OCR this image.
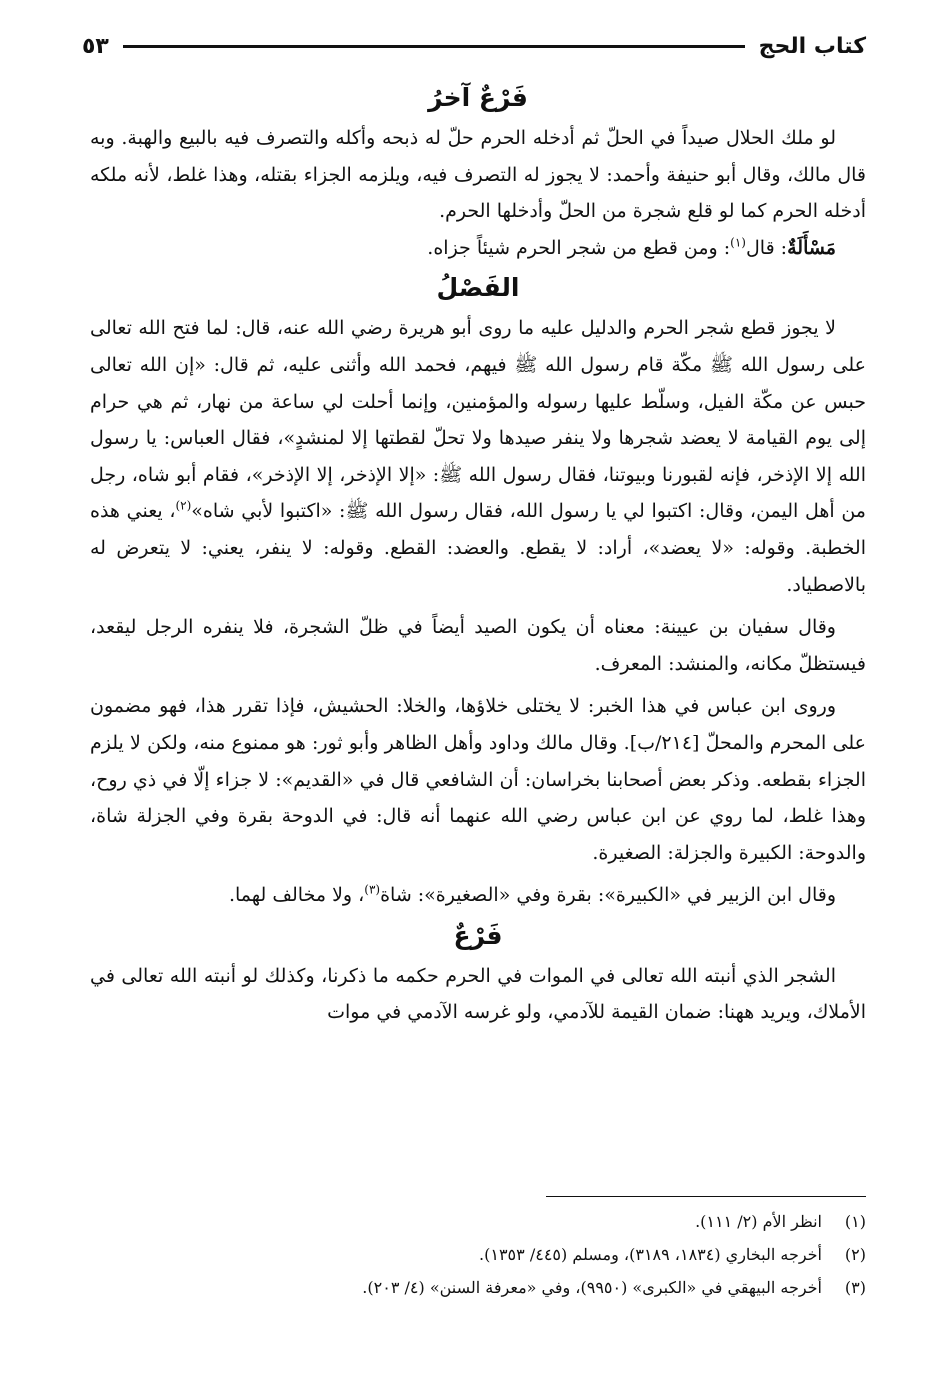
كتاب الحج
٥٣
فَرْعٌ آخرُ

لو ملك الحلال صيداً في الحلّ ثم أدخله الحرم حلّ له ذبحه وأكله والتصرف فيه بالبيع والهبة. وبه قال مالك، وقال أبو حنيفة وأحمد: لا يجوز له التصرف فيه، ويلزمه الجزاء بقتله، وهذا غلط، لأنه ملكه أدخله الحرم كما لو قلع شجرة من الحلّ وأدخلها الحرم.

مَسْأَلَةٌ: قال$^{(١)}$: ومن قطع من شجر الحرم شيئاً جزاه.

الفَصْلُ

لا يجوز قطع شجر الحرم والدليل عليه ما روى أبو هريرة رضي الله عنه، قال: لما فتح الله تعالى على رسول الله ﷺ مكّة قام رسول الله ﷺ فيهم، فحمد الله وأثنى عليه، ثم قال: «إن الله تعالى حبس عن مكّة الفيل، وسلّط عليها رسوله والمؤمنين، وإنما أحلت لي ساعة من نهار، ثم هي حرام إلى يوم القيامة لا يعضد شجرها ولا ينفر صيدها ولا تحلّ لقطتها إلا لمنشدٍ»، فقال العباس: يا رسول الله إلا الإذخر، فإنه لقبورنا وبيوتنا، فقال رسول الله ﷺ: «إلا الإذخر، إلا الإذخر»، فقام أبو شاه، رجل من أهل اليمن، وقال: اكتبوا لي يا رسول الله، فقال رسول الله ﷺ: «اكتبوا لأبي شاه»$^{(٢)}$، يعني هذه الخطبة. وقوله: «لا يعضد»، أراد: لا يقطع. والعضد: القطع. وقوله: لا ينفر، يعني: لا يتعرض له بالاصطياد.

وقال سفيان بن عيينة: معناه أن يكون الصيد أيضاً في ظلّ الشجرة، فلا ينفره الرجل ليقعد، فيستظلّ مكانه، والمنشد: المعرف.

وروى ابن عباس في هذا الخبر: لا يختلى خلاؤها، والخلا: الحشيش، فإذا تقرر هذا، فهو مضمون على المحرم والمحلّ [٢١٤/ب]. وقال مالك وداود وأهل الظاهر وأبو ثور: هو ممنوع منه، ولكن لا يلزم الجزاء بقطعه. وذكر بعض أصحابنا بخراسان: أن الشافعي قال في «القديم»: لا جزاء إلّا في ذي روح، وهذا غلط، لما روي عن ابن عباس رضي الله عنهما أنه قال: في الدوحة بقرة وفي الجزلة شاة، والدوحة: الكبيرة والجزلة: الصغيرة.

وقال ابن الزبير في «الكبيرة»: بقرة وفي «الصغيرة»: شاة$^{(٣)}$، ولا مخالف لهما.

فَرْعٌ

الشجر الذي أنبته الله تعالى في الموات في الحرم حكمه ما ذكرنا، وكذلك لو أنبته الله تعالى في الأملاك، ويريد ههنا: ضمان القيمة للآدمي، ولو غرسه الآدمي في موات

(١)
انظر الأم (٢/ ١١١).
(٢)
أخرجه البخاري (١٨٣٤، ٣١٨٩)، ومسلم (٤٤٥/ ١٣٥٣).
(٣)
أخرجه البيهقي في «الكبرى» (٩٩٥٠)، وفي «معرفة السنن» (٤/ ٢٠٣).
